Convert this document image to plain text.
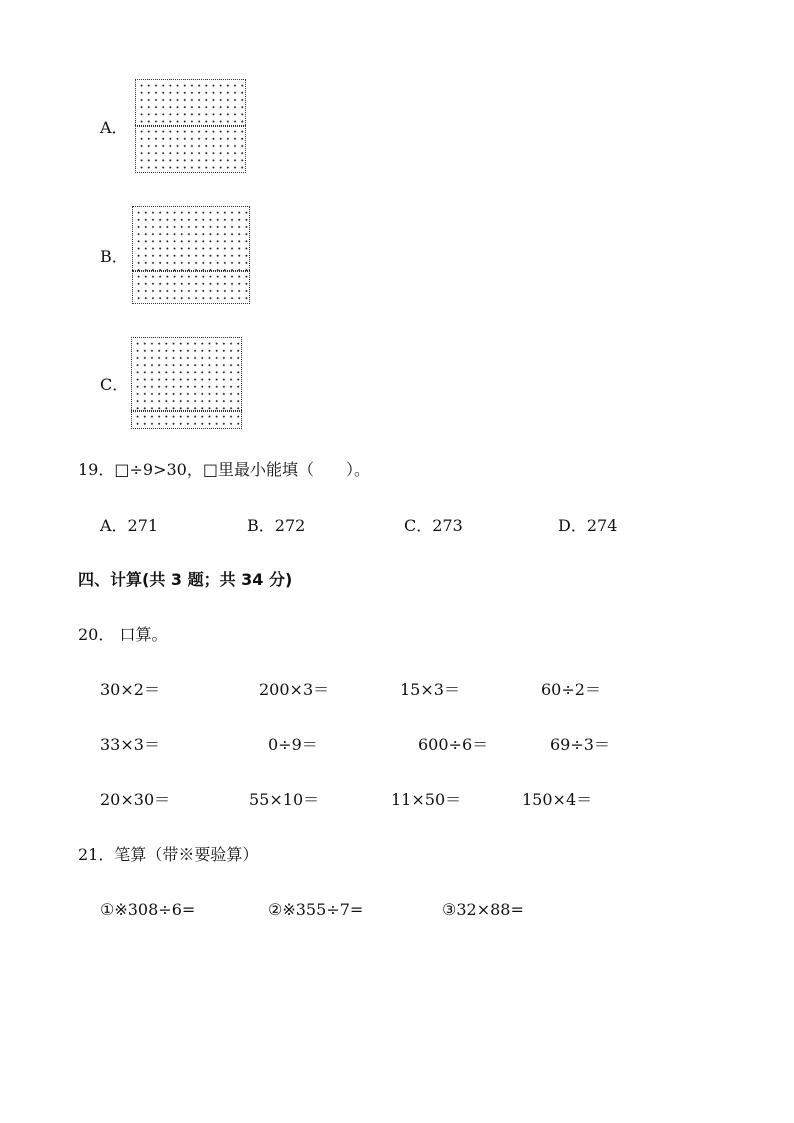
A．
B．
C．
19．□÷9>30，□里最小能填（　　）。
A．271	B．272	C．273	D．274
四、计算(共 3 题；共 34 分)
20． 口算。
30×2＝	200×3＝	15×3＝	60÷2＝
33×3＝	0÷9＝	600÷6＝	69÷3＝
20×30＝	55×10＝	11×50＝	150×4＝
21．笔算（带※要验算）
①※308÷6=	②※355÷7=	③32×88=
